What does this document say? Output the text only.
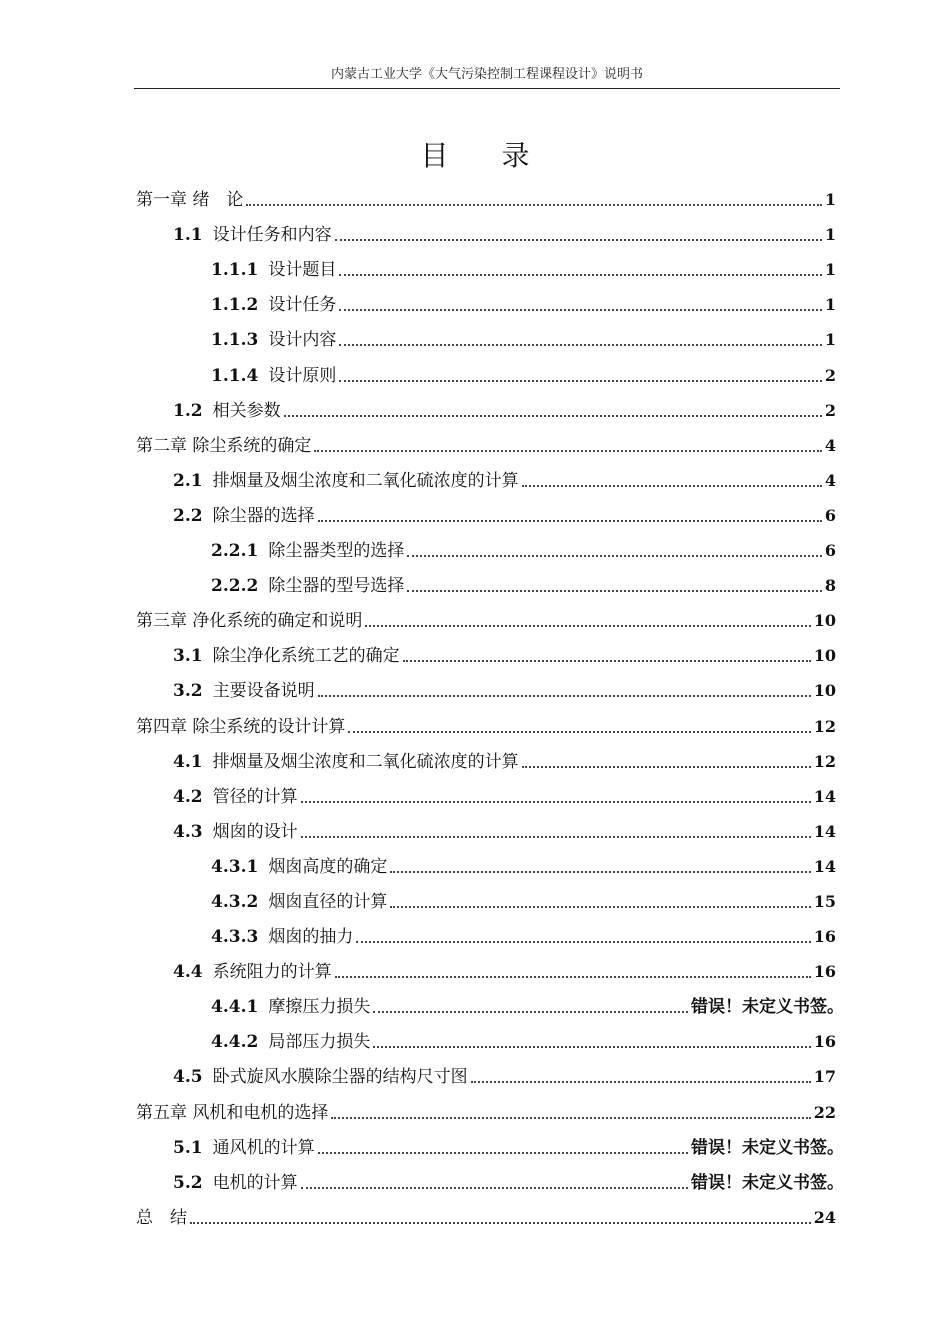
内蒙古工业大学《大气污染控制工程课程设计》说明书
目 录
第一章 绪　论	1
1.1 设计任务和内容	1
1.1.1 设计题目	1
1.1.2 设计任务	1
1.1.3 设计内容	1
1.1.4 设计原则	2
1.2 相关参数	2
第二章 除尘系统的确定	4
2.1 排烟量及烟尘浓度和二氧化硫浓度的计算	4
2.2 除尘器的选择	6
2.2.1 除尘器类型的选择	6
2.2.2 除尘器的型号选择	8
第三章 净化系统的确定和说明	10
3.1 除尘净化系统工艺的确定	10
3.2 主要设备说明	10
第四章 除尘系统的设计计算	12
4.1 排烟量及烟尘浓度和二氧化硫浓度的计算	12
4.2 管径的计算	14
4.3 烟囱的设计	14
4.3.1 烟囱高度的确定	14
4.3.2 烟囱直径的计算	15
4.3.3 烟囱的抽力	16
4.4 系统阻力的计算	16
4.4.1 摩擦压力损失	错误！未定义书签。
4.4.2 局部压力损失	16
4.5 卧式旋风水膜除尘器的结构尺寸图	17
第五章 风机和电机的选择	22
5.1 通风机的计算	错误！未定义书签。
5.2 电机的计算	错误！未定义书签。
总　结	24
